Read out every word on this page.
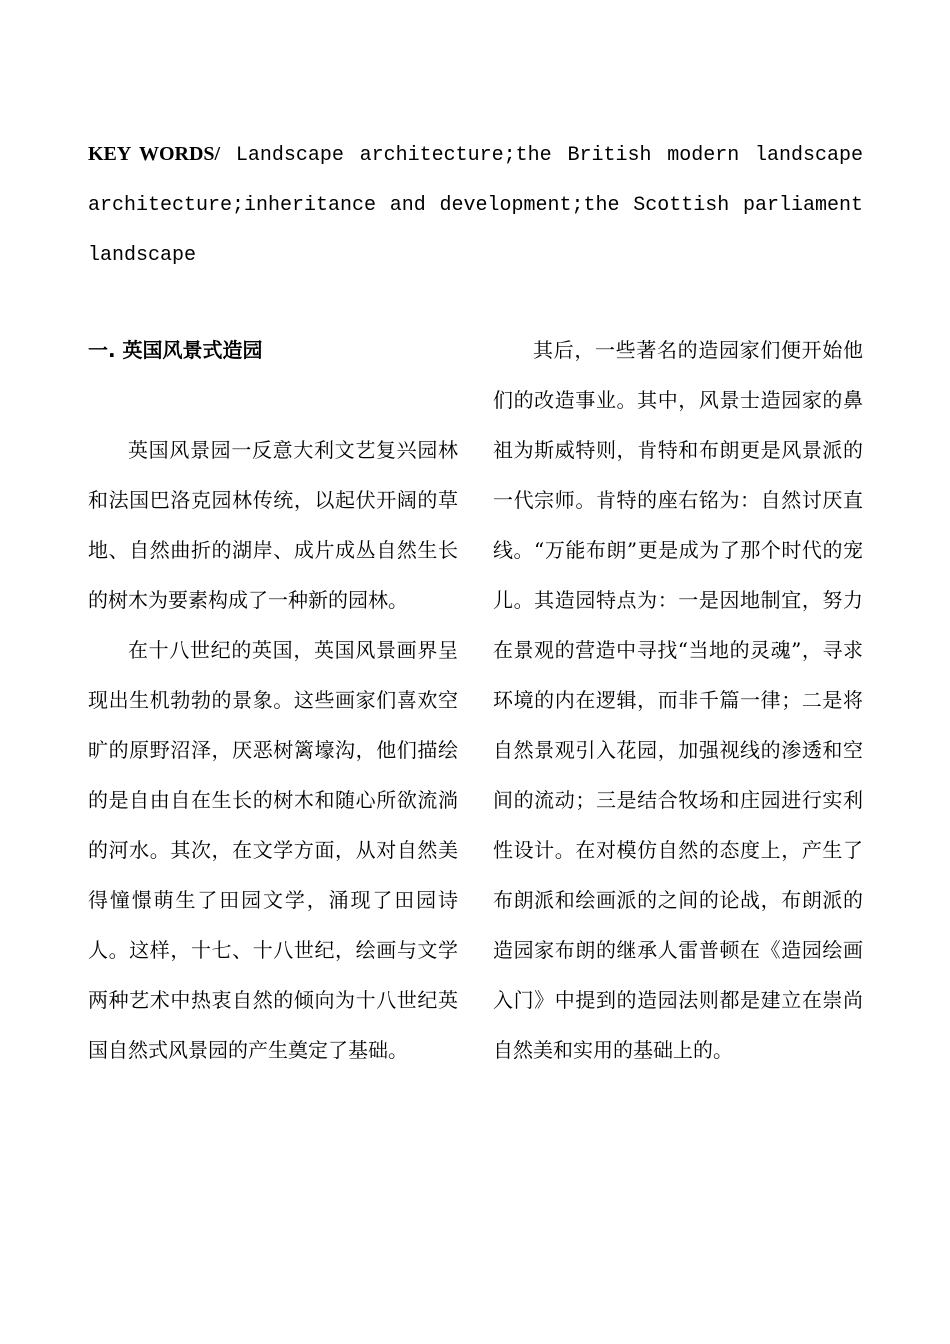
KEY WORDS/ Landscape architecture;the British modern landscape architecture;inheritance and development;the Scottish parliament landscape

一. 英国风景式造园

英国风景园一反意大利文艺复兴园林和法国巴洛克园林传统，以起伏开阔的草地、自然曲折的湖岸、成片成丛自然生长的树木为要素构成了一种新的园林。

在十八世纪的英国，英国风景画界呈现出生机勃勃的景象。这些画家们喜欢空旷的原野沼泽，厌恶树篱壕沟，他们描绘的是自由自在生长的树木和随心所欲流淌的河水。其次，在文学方面，从对自然美得憧憬萌生了田园文学，涌现了田园诗人。这样，十七、十八世纪，绘画与文学两种艺术中热衷自然的倾向为十八世纪英国自然式风景园的产生奠定了基础。

其后，一些著名的造园家们便开始他们的改造事业。其中，风景士造园家的鼻祖为斯威特则，肯特和布朗更是风景派的一代宗师。肯特的座右铭为：自然讨厌直线。“万能布朗”更是成为了那个时代的宠儿。其造园特点为：一是因地制宜，努力在景观的营造中寻找“当地的灵魂”，寻求环境的内在逻辑，而非千篇一律；二是将自然景观引入花园，加强视线的渗透和空间的流动；三是结合牧场和庄园进行实利性设计。在对模仿自然的态度上，产生了布朗派和绘画派的之间的论战，布朗派的造园家布朗的继承人雷普顿在《造园绘画入门》中提到的造园法则都是建立在崇尚自然美和实用的基础上的。
